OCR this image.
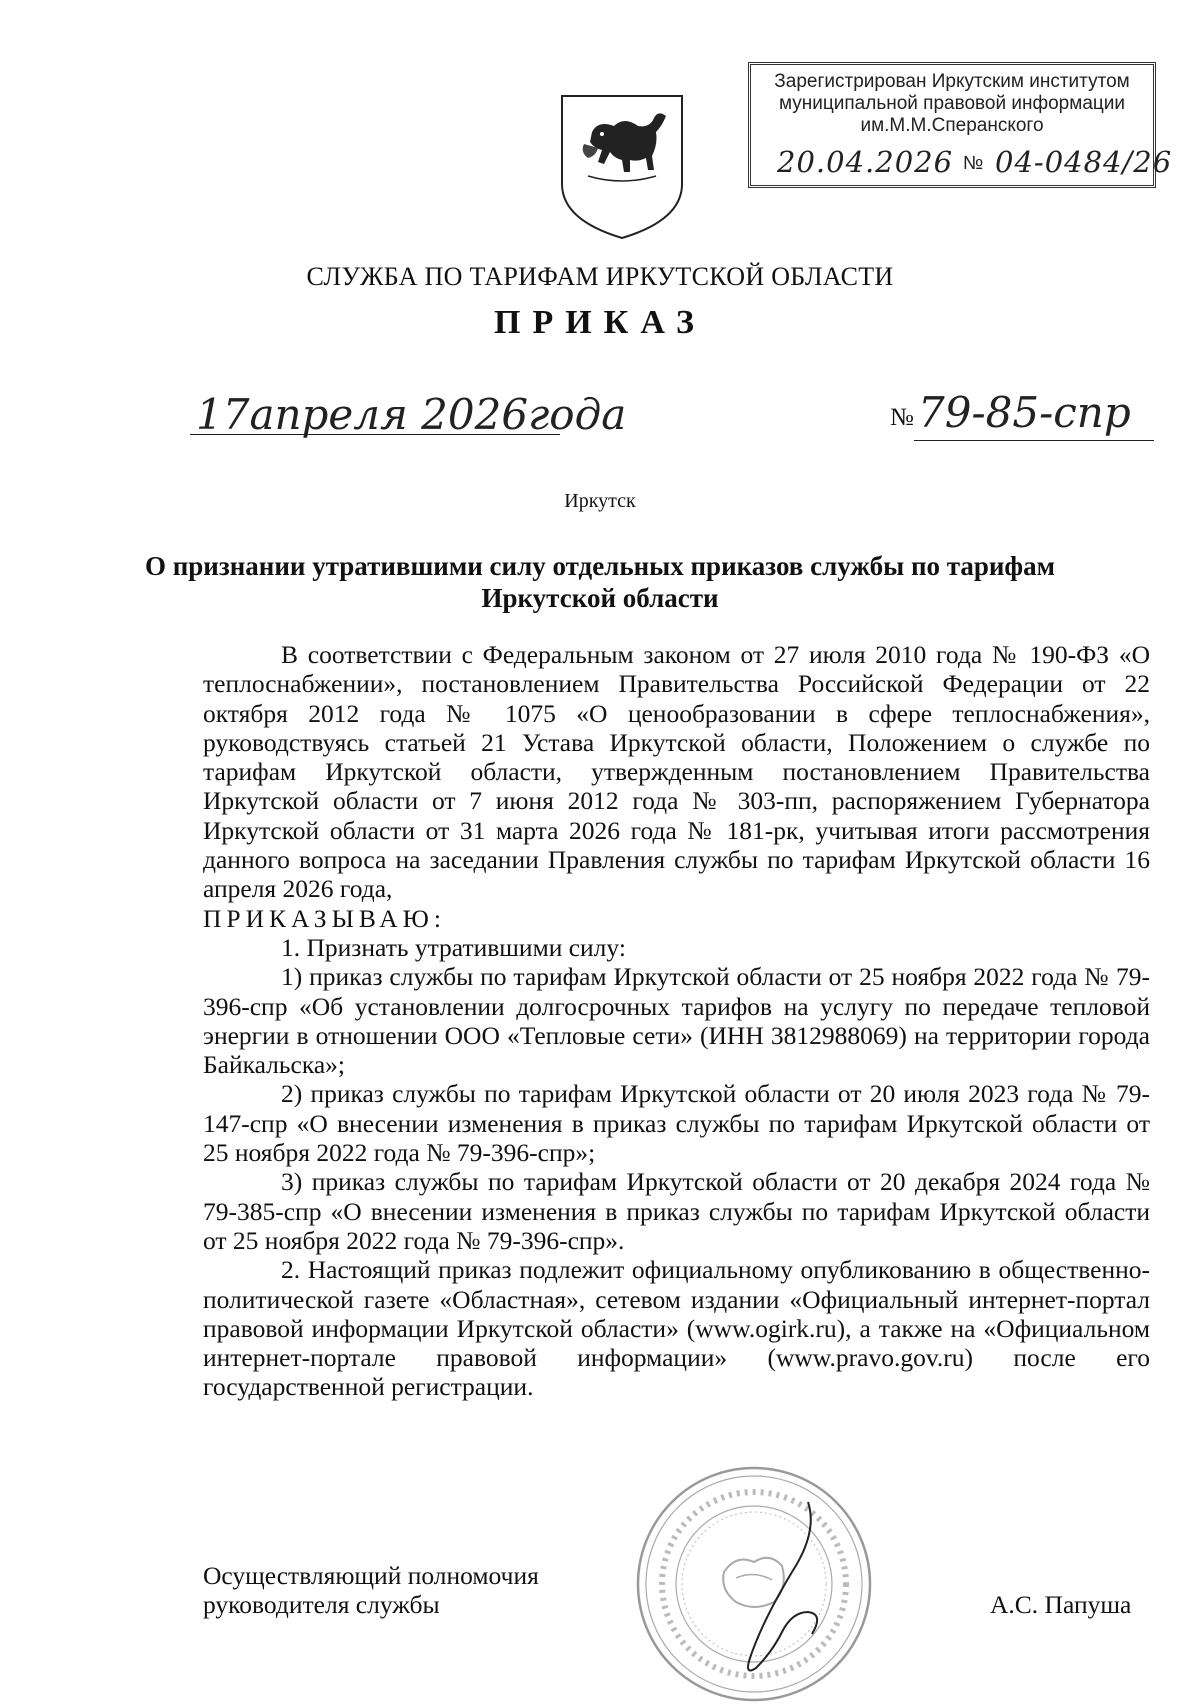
Зарегистрирован Иркутским институтом
муниципальной правовой информации
им.М.М.Сперанского
20.04.2026 № 04-0484/26
СЛУЖБА ПО ТАРИФАМ ИРКУТСКОЙ ОБЛАСТИ
ПРИКАЗ
17апреля 2026года	№ 79-85-спр
Иркутск
О признании утратившими силу отдельных приказов службы по тарифам Иркутской области

В соответствии с Федеральным законом от 27 июля 2010 года № 190-ФЗ «О теплоснабжении», постановлением Правительства Российской Федерации от 22 октября 2012 года № 1075 «О ценообразовании в сфере теплоснабжения», руководствуясь статьей 21 Устава Иркутской области, Положением о службе по тарифам Иркутской области, утвержденным постановлением Правительства Иркутской области от 7 июня 2012 года № 303-пп, распоряжением Губернатора Иркутской области от 31 марта 2026 года № 181-рк, учитывая итоги рассмотрения данного вопроса на заседании Правления службы по тарифам Иркутской области 16 апреля 2026 года,

ПРИКАЗЫВАЮ:

1. Признать утратившими силу:

1) приказ службы по тарифам Иркутской области от 25 ноября 2022 года № 79-396-спр «Об установлении долгосрочных тарифов на услугу по передаче тепловой энергии в отношении ООО «Тепловые сети» (ИНН 3812988069) на территории города Байкальска»;

2) приказ службы по тарифам Иркутской области от 20 июля 2023 года № 79-147-спр «О внесении изменения в приказ службы по тарифам Иркутской области от 25 ноября 2022 года № 79-396-спр»;

3) приказ службы по тарифам Иркутской области от 20 декабря 2024 года № 79-385-спр «О внесении изменения в приказ службы по тарифам Иркутской области от 25 ноября 2022 года № 79-396-спр».

2. Настоящий приказ подлежит официальному опубликованию в общественно-политической газете «Областная», сетевом издании «Официальный интернет-портал правовой информации Иркутской области» (www.ogirk.ru), а также на «Официальном интернет-портале правовой информации» (www.pravo.gov.ru) после его государственной регистрации.

Осуществляющий полномочия
руководителя службы	А.С. Папуша
